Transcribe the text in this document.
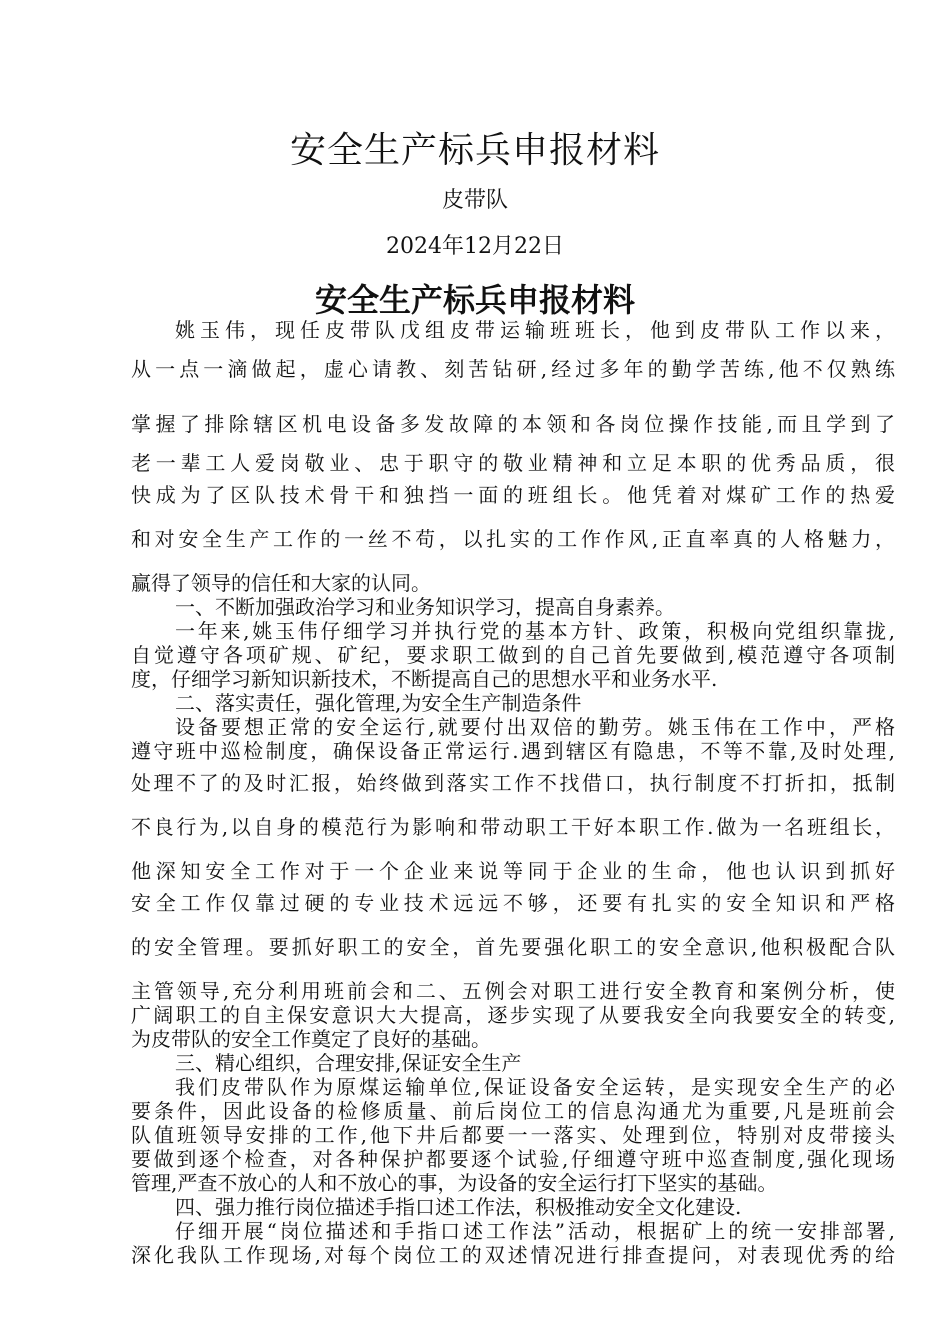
安全生产标兵申报材料
皮带队
2024年12月22日
安全生产标兵申报材料
姚玉伟，现任皮带队戊组皮带运输班班长，他到皮带队工作以来，
从一点一滴做起，虚心请教、刻苦钻研,经过多年的勤学苦练,他不仅熟练
掌握了排除辖区机电设备多发故障的本领和各岗位操作技能,而且学到了
老一辈工人爱岗敬业、忠于职守的敬业精神和立足本职的优秀品质，很
快成为了区队技术骨干和独挡一面的班组长。他凭着对煤矿工作的热爱
和对安全生产工作的一丝不苟，以扎实的工作作风,正直率真的人格魅力，
赢得了领导的信任和大家的认同。
一、不断加强政治学习和业务知识学习，提高自身素养。
一年来,姚玉伟仔细学习并执行党的基本方针、政策，积极向党组织靠拢,
自觉遵守各项矿规、矿纪，要求职工做到的自己首先要做到,模范遵守各项制
度，仔细学习新知识新技术，不断提高自己的思想水平和业务水平.
二、落实责任，强化管理,为安全生产制造条件
设备要想正常的安全运行,就要付出双倍的勤劳。姚玉伟在工作中，严格
遵守班中巡检制度，确保设备正常运行.遇到辖区有隐患，不等不靠,及时处理,
处理不了的及时汇报，始终做到落实工作不找借口，执行制度不打折扣，抵制
不良行为,以自身的模范行为影响和带动职工干好本职工作.做为一名班组长，
他深知安全工作对于一个企业来说等同于企业的生命，他也认识到抓好
安全工作仅靠过硬的专业技术远远不够，还要有扎实的安全知识和严格
的安全管理。要抓好职工的安全，首先要强化职工的安全意识,他积极配合队
主管领导,充分利用班前会和二、五例会对职工进行安全教育和案例分析，使
广阔职工的自主保安意识大大提高，逐步实现了从要我安全向我要安全的转变,
为皮带队的安全工作奠定了良好的基础。
三、精心组织，合理安排,保证安全生产
我们皮带队作为原煤运输单位,保证设备安全运转，是实现安全生产的必
要条件，因此设备的检修质量、前后岗位工的信息沟通尤为重要,凡是班前会
队值班领导安排的工作,他下井后都要一一落实、处理到位，特别对皮带接头
要做到逐个检查，对各种保护都要逐个试验,仔细遵守班中巡查制度,强化现场
管理,严查不放心的人和不放心的事，为设备的安全运行打下坚实的基础。
四、强力推行岗位描述手指口述工作法，积极推动安全文化建设.
仔细开展“岗位描述和手指口述工作法”活动，根据矿上的统一安排部署,
深化我队工作现场,对每个岗位工的双述情况进行排查提问，对表现优秀的给
